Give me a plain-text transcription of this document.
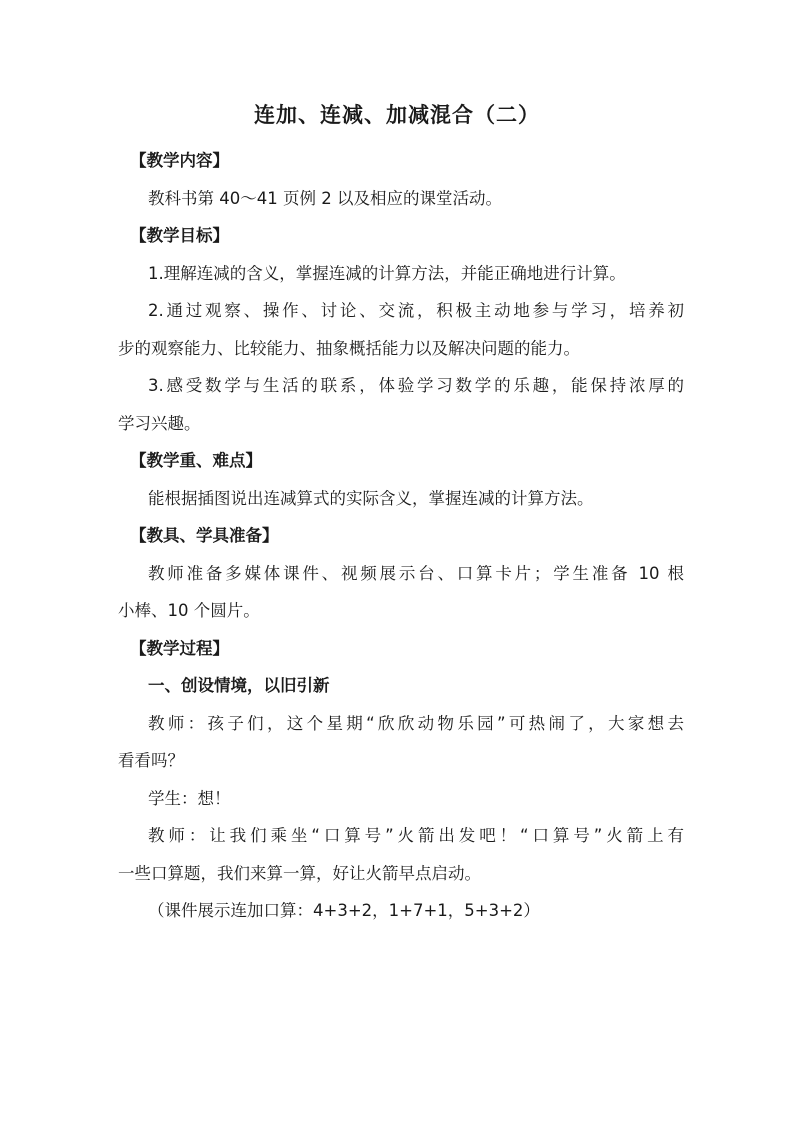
连加、连减、加减混合（二）
【教学内容】
教科书第 40～41 页例 2 以及相应的课堂活动。
【教学目标】
1.理解连减的含义，掌握连减的计算方法，并能正确地进行计算。
2.通过观察、操作、讨论、交流，积极主动地参与学习，培养初
步的观察能力、比较能力、抽象概括能力以及解决问题的能力。
3.感受数学与生活的联系，体验学习数学的乐趣，能保持浓厚的
学习兴趣。
【教学重、难点】
能根据插图说出连减算式的实际含义，掌握连减的计算方法。
【教具、学具准备】
教师准备多媒体课件、视频展示台、口算卡片；学生准备 10 根
小棒、10 个圆片。
【教学过程】
一、创设情境，以旧引新
教师：孩子们，这个星期“欣欣动物乐园”可热闹了，大家想去
看看吗？
学生：想！
教师：让我们乘坐“口算号”火箭出发吧！“口算号”火箭上有
一些口算题，我们来算一算，好让火箭早点启动。
（课件展示连加口算：4+3+2，1+7+1，5+3+2）
